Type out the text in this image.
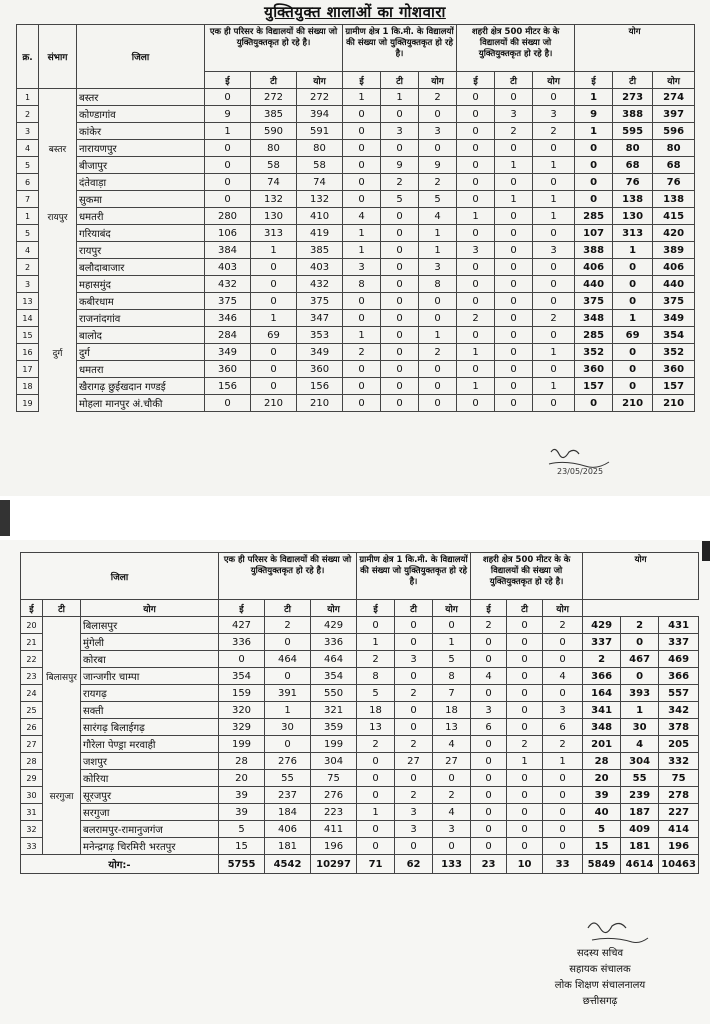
युक्तियुक्त शालाओं का गोशवारा
क्र.	संभाग	जिला	एक ही परिसर के विद्यालयों की संख्या जो युक्तियुक्तकृत हो रहे है।			ग्रामीण क्षेत्र 1 कि.मी. के विद्यालयों की संख्या जो युक्तियुक्तकृत हो रहे है।			शहरी क्षेत्र 500 मीटर के के विद्यालयों की संख्या जो युक्तियुक्तकृत हो रहे है।			योग		
			ई	टी	योग	ई	टी	योग	ई	टी	योग	ई	टी	योग
1		बस्तर	0	272	272	1	1	2	0	0	0	1	273	274
2		कोण्डागांव	9	385	394	0	0	0	0	3	3	9	388	397
3		कांकेर	1	590	591	0	3	3	0	2	2	1	595	596
4	बस्तर	नारायणपुर	0	80	80	0	0	0	0	0	0	0	80	80
5		बीजापुर	0	58	58	0	9	9	0	1	1	0	68	68
6		दंतेवाड़ा	0	74	74	0	2	2	0	0	0	0	76	76
7		सुकमा	0	132	132	0	5	5	0	1	1	0	138	138
1	रायपुर	धमतरी	280	130	410	4	0	4	1	0	1	285	130	415
5		गरियाबंद	106	313	419	1	0	1	0	0	0	107	313	420
4		रायपुर	384	1	385	1	0	1	3	0	3	388	1	389
2		बलौदाबाजार	403	0	403	3	0	3	0	0	0	406	0	406
3		महासमुंद	432	0	432	8	0	8	0	0	0	440	0	440
13		कबीरधाम	375	0	375	0	0	0	0	0	0	375	0	375
14		राजनांदगांव	346	1	347	0	0	0	2	0	2	348	1	349
15		बालोद	284	69	353	1	0	1	0	0	0	285	69	354
16	दुर्ग	दुर्ग	349	0	349	2	0	2	1	0	1	352	0	352
17		धमतरा	360	0	360	0	0	0	0	0	0	360	0	360
18		खैरागढ़ छुईखदान गण्डई	156	0	156	0	0	0	1	0	1	157	0	157
19		मोहला मानपुर अं.चौकी	0	210	210	0	0	0	0	0	0	0	210	210
23/05/2025
जिला			एक ही परिसर के विद्यालयों की संख्या जो युक्तियुक्तकृत हो रहे है।			ग्रामीण क्षेत्र 1 कि.मी. के विद्यालयों की संख्या जो युक्तियुक्तकृत हो रहे है।			शहरी क्षेत्र 500 मीटर के के विद्यालयों की संख्या जो युक्तियुक्तकृत हो रहे है।			योग		
ई	टी	योग	ई	टी	योग	ई	टी	योग	ई	टी	योग			
20		बिलासपुर	427	2	429	0	0	0	2	0	2	429	2	431
21		मुंगेली	336	0	336	1	0	1	0	0	0	337	0	337
22		कोरबा	0	464	464	2	3	5	0	0	0	2	467	469
23	बिलासपुर	जान्जगीर चाम्पा	354	0	354	8	0	8	4	0	4	366	0	366
24		रायगढ़	159	391	550	5	2	7	0	0	0	164	393	557
25		सक्ती	320	1	321	18	0	18	3	0	3	341	1	342
26		सारंगढ़ बिलाईगढ़	329	30	359	13	0	13	6	0	6	348	30	378
27		गौरेला पेण्ड्रा मरवाही	199	0	199	2	2	4	0	2	2	201	4	205
28		जशपुर	28	276	304	0	27	27	0	1	1	28	304	332
29		कोरिया	20	55	75	0	0	0	0	0	0	20	55	75
30	सरगुजा	सूरजपुर	39	237	276	0	2	2	0	0	0	39	239	278
31		सरगुजा	39	184	223	1	3	4	0	0	0	40	187	227
32		बलरामपुर-रामानुजगंज	5	406	411	0	3	3	0	0	0	5	409	414
33		मनेन्द्रगढ़ चिरमिरी भरतपुर	15	181	196	0	0	0	0	0	0	15	181	196
योग:-			5755	4542	10297	71	62	133	23	10	33	5849	4614	10463
सदस्य सचिव
सहायक संचालक
लोक शिक्षण संचालनालय
छत्तीसगढ़
